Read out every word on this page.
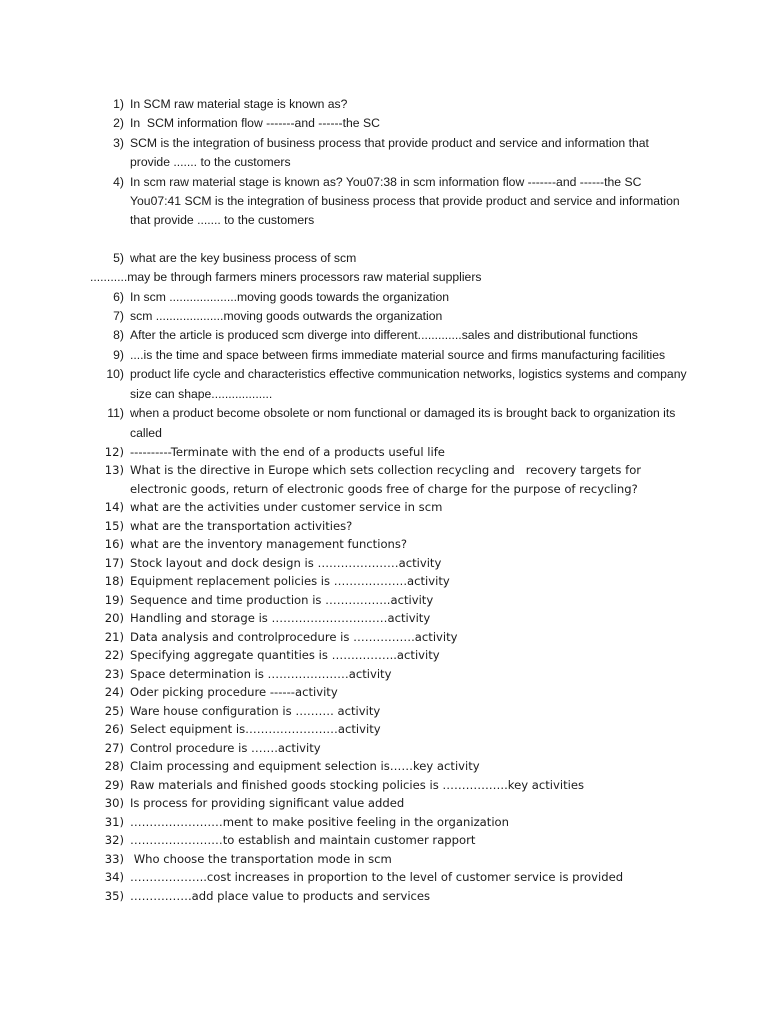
1) In SCM raw material stage is known as?
2) In  SCM information flow -------and ------the SC
3) SCM is the integration of business process that provide product and service and information that provide ....... to the customers
4) In scm raw material stage is known as? You07:38 in scm information flow -------and ------the SC You07:41 SCM is the integration of business process that provide product and service and information that provide ....... to the customers
5) what are the key business process of scm
...........may be through farmers miners processors raw material suppliers
6) In scm ....................moving goods towards the organization
7) scm ....................moving goods outwards the organization
8) After the article is produced scm diverge into different.............sales and distributional functions
9) ....is the time and space between firms immediate material source and firms manufacturing facilities
10) product life cycle and characteristics effective communication networks, logistics systems and company size can shape..................
11) when a product become obsolete or nom functional or damaged its is brought back to organization its called
12) ----------Terminate with the end of a products useful life
13) What is the directive in Europe which sets collection recycling and   recovery targets for electronic goods, return of electronic goods free of charge for the purpose of recycling?
14) what are the activities under customer service in scm
15) what are the transportation activities?
16) what are the inventory management functions?
17) Stock layout and dock design is …………………activity
18) Equipment replacement policies is ……………….activity
19) Sequence and time production is ……………..activity
20) Handling and storage is …………………………activity
21) Data analysis and controlprocedure is …………….activity
22) Specifying aggregate quantities is ……………..activity
23) Space determination is …………………activity
24) Oder picking procedure ------activity
25) Ware house configuration is ………. activity
26) Select equipment is……………………activity
27) Control procedure is …….activity
28) Claim processing and equipment selection is……key activity
29) Raw materials and finished goods stocking policies is ……………..key activities
30) Is process for providing significant value added
31) ……………………ment to make positive feeling in the organization
32) ……………………to establish and maintain customer rapport
33) Who choose the transportation mode in scm
34) ………………..cost increases in proportion to the level of customer service is provided
35) …………….add place value to products and services
